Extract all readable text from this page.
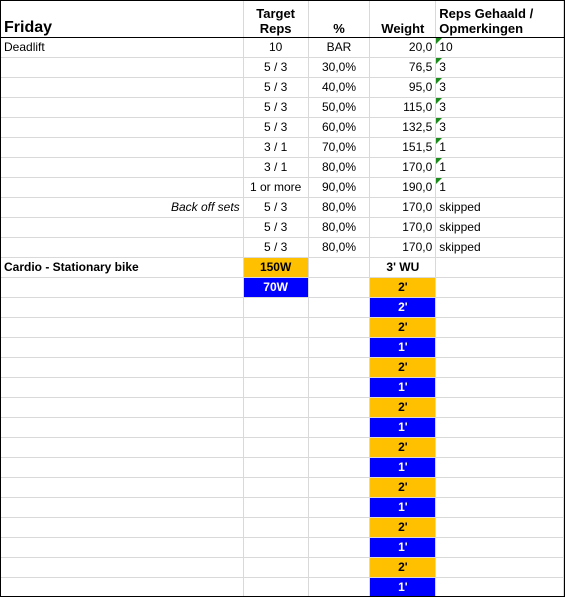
Friday	Target Reps	%	Weight	Reps Gehaald / Opmerkingen
Deadlift	10	BAR	20,0	10
	5 / 3	30,0%	76,5	3
	5 / 3	40,0%	95,0	3
	5 / 3	50,0%	115,0	3
	5 / 3	60,0%	132,5	3
	3 / 1	70,0%	151,5	1
	3 / 1	80,0%	170,0	1
	1 or more	90,0%	190,0	1
Back off sets	5 / 3	80,0%	170,0	skipped
	5 / 3	80,0%	170,0	skipped
	5 / 3	80,0%	170,0	skipped
Cardio - Stationary bike	150W		3' WU	
	70W		2'	
			2'	
			2'	
			1'	
			2'	
			1'	
			2'	
			1'	
			2'	
			1'	
			2'	
			1'	
			2'	
			1'	
			2'	
			1'	
